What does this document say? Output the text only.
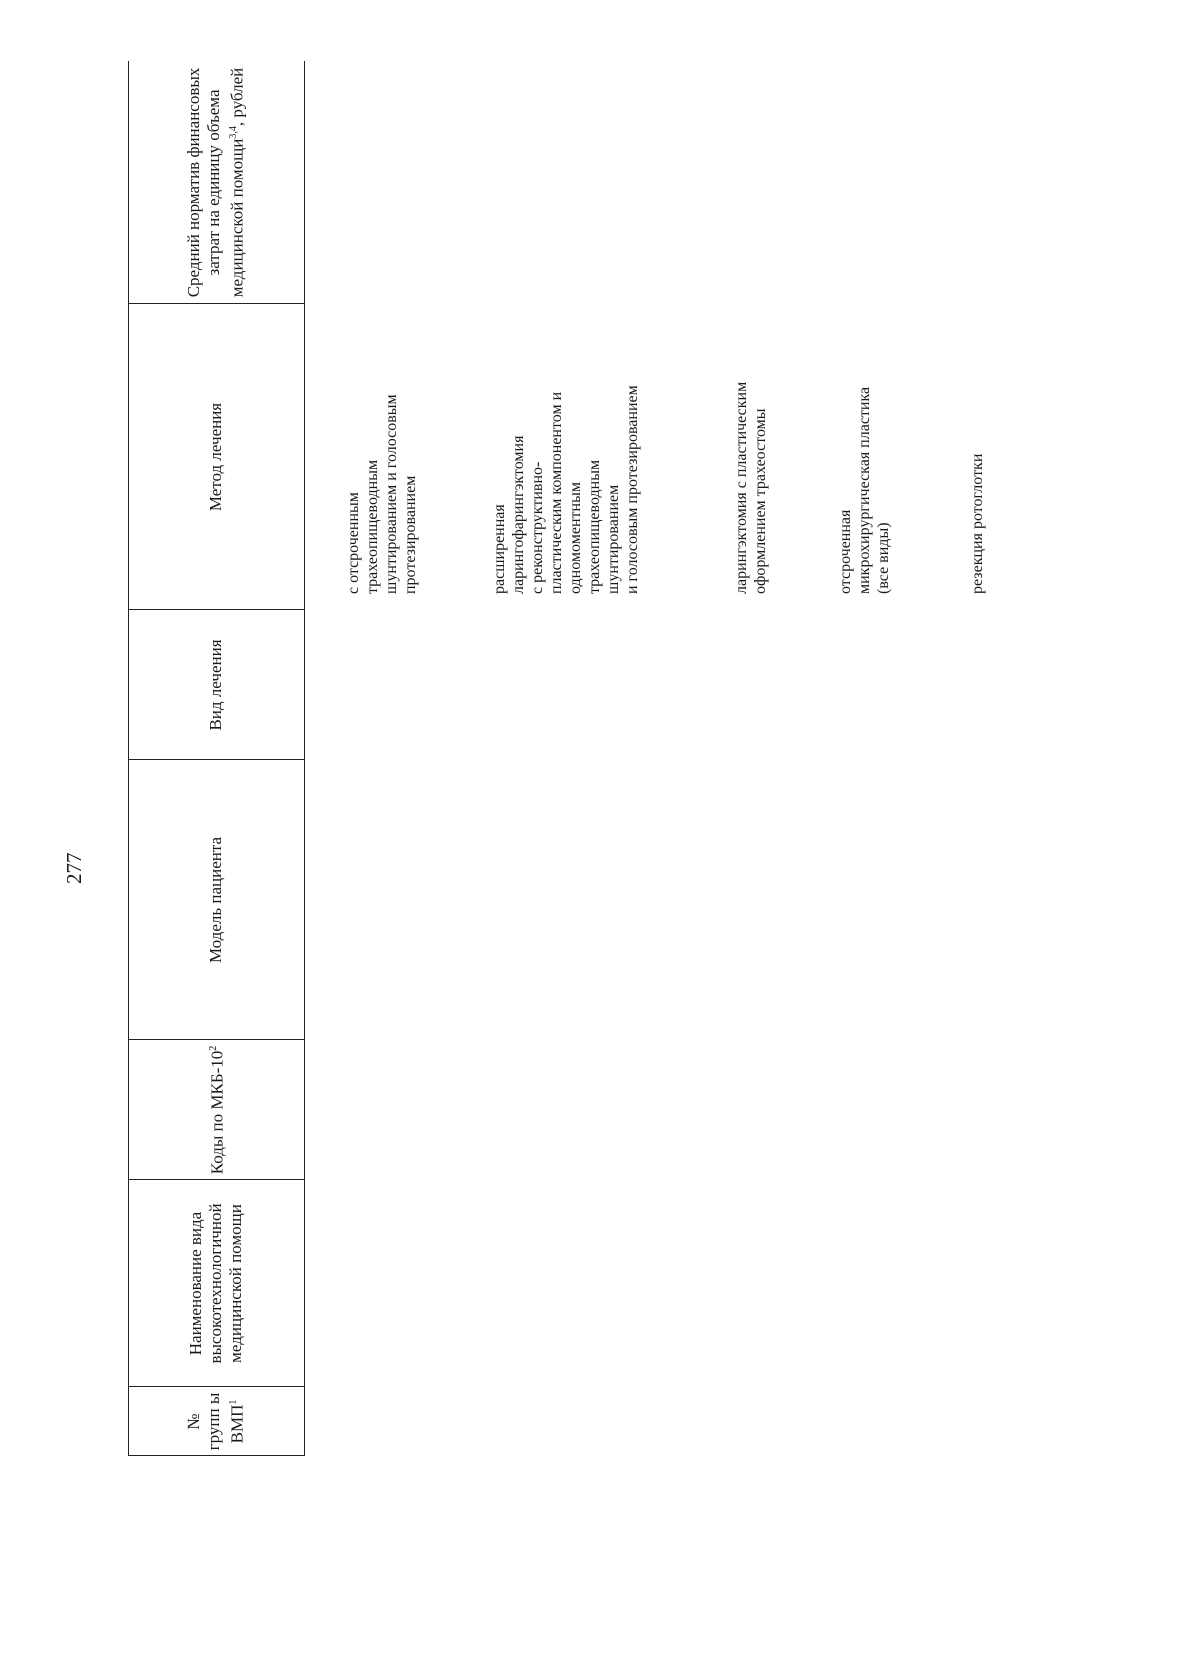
277
№ групп ы ВМП$^1$
Наименование вида высокотехнологичной медицинской помощи
Коды по МКБ-$10^2$
Модель пациента
Вид лечения
Метод лечения
Средний норматив финансовых затрат на единицу объема медицинской помощи$^{3,4}$, рублей
с отсроченным
трахеопищеводным
шунтированием и голосовым
протезированием	расширенная
ларингофарингэктомия
с реконструктивно-
пластическим компонентом и
одномоментным
трахеопищеводным
шунтированием
и голосовым протезированием
ларингэктомия с пластическим
оформлением трахеостомы
отсроченная
микрохирургическая пластика
(все виды)	резекция ротоглотки
